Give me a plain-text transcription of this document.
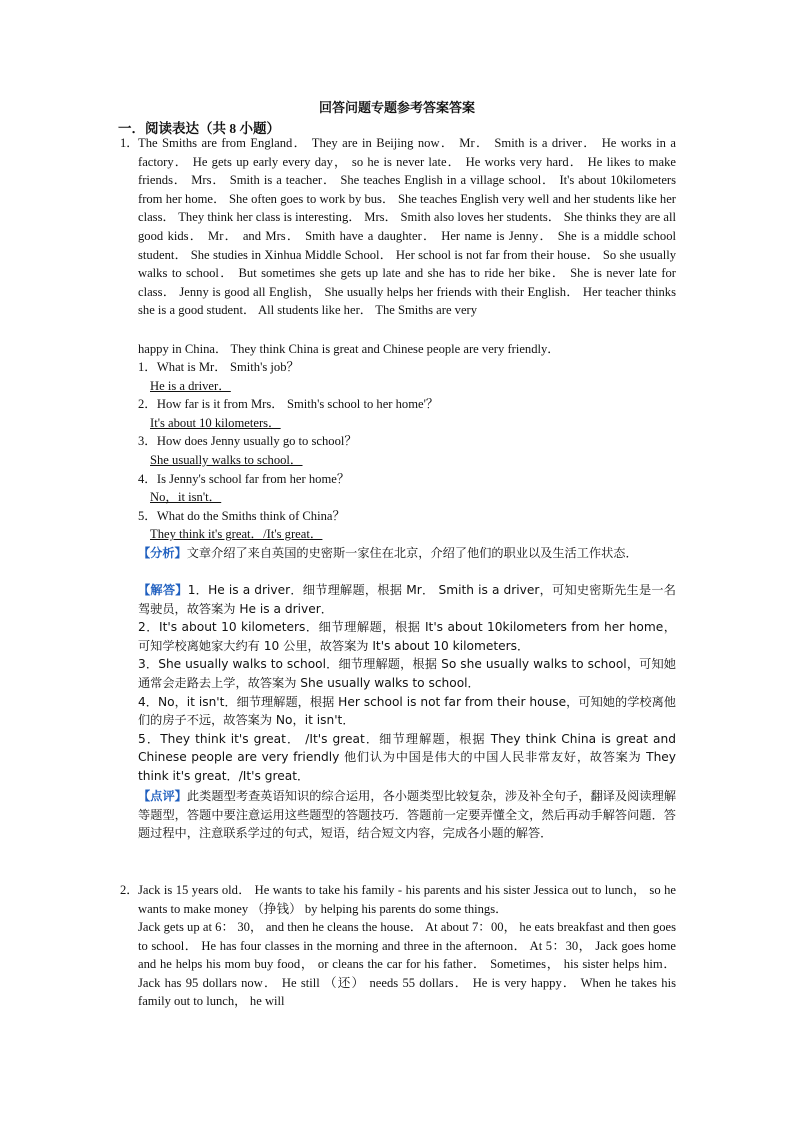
回答问题专题参考答案答案
一．阅读表达（共 8 小题）
1． The Smiths are from England． They are in Beijing now． Mr． Smith is a driver． He works in a factory． He gets up early every day， so he is never late． He works very hard． He likes to make friends． Mrs． Smith is a teacher． She teaches English in a village school． It's about 10kilometers from her home． She often goes to work by bus． She teaches English very well and her students like her class． They think her class is interesting． Mrs． Smith also loves her students． She thinks they are all good kids． Mr． and Mrs． Smith have a daughter． Her name is Jenny． She is a middle school student． She studies in Xinhua Middle School． Her school is not far from their house． So she usually walks to school． But sometimes she gets up late and she has to ride her bike． She is never late for class． Jenny is good all English， She usually helps her friends with their English． Her teacher thinks she is a good student． All students like her． The Smiths are very
happy in China． They think China is great and Chinese people are very friendly．

1．What is Mr． Smith's job？

He is a driver．

2．How far is it from Mrs． Smith's school to her home'？

It's about 10 kilometers．

3．How does Jenny usually go to school？

She usually walks to school．

4．Is Jenny's school far from her home？

No，it isn't．

5．What do the Smiths think of China？

They think it's great．/It's great．

【分析】文章介绍了来自英国的史密斯一家住在北京，介绍了他们的职业以及生活工作状态．

【解答】1．He is a driver．细节理解题，根据 Mr． Smith is a driver，可知史密斯先生是一名驾驶员，故答案为 He is a driver．

2．It's about 10 kilometers．细节理解题，根据 It's about 10kilometers from her home，可知学校离她家大约有 10 公里，故答案为 It's about 10 kilometers．

3．She usually walks to school．细节理解题，根据 So she usually walks to school，可知她通常会走路去上学，故答案为 She usually walks to school．

4．No，it isn't．细节理解题，根据 Her school is not far from their house，可知她的学校离他们的房子不远，故答案为 No，it isn't．

5．They think it's great． /It's great．细节理解题，根据 They think China is great and Chinese people are very friendly 他们认为中国是伟大的中国人民非常友好，故答案为 They think it's great．/It's great．

【点评】此类题型考查英语知识的综合运用，各小题类型比较复杂，涉及补全句子，翻译及阅读理解等题型，答题中要注意运用这些题型的答题技巧．答题前一定要弄懂全文，然后再动手解答问题．答题过程中，注意联系学过的句式，短语，结合短文内容，完成各小题的解答．
2． Jack is 15 years old． He wants to take his family - his parents and his sister Jessica out to lunch， so he wants to make money （挣钱） by helping his parents do some things．
Jack gets up at 6： 30， and then he cleans the house． At about 7：00， he eats breakfast and then goes to school． He has four classes in the morning and three in the afternoon． At 5：30， Jack goes home and he helps his mom buy food， or cleans the car for his father． Sometimes， his sister helps him． Jack has 95 dollars now． He still （还） needs 55 dollars． He is very happy． When he takes his family out to lunch， he will
